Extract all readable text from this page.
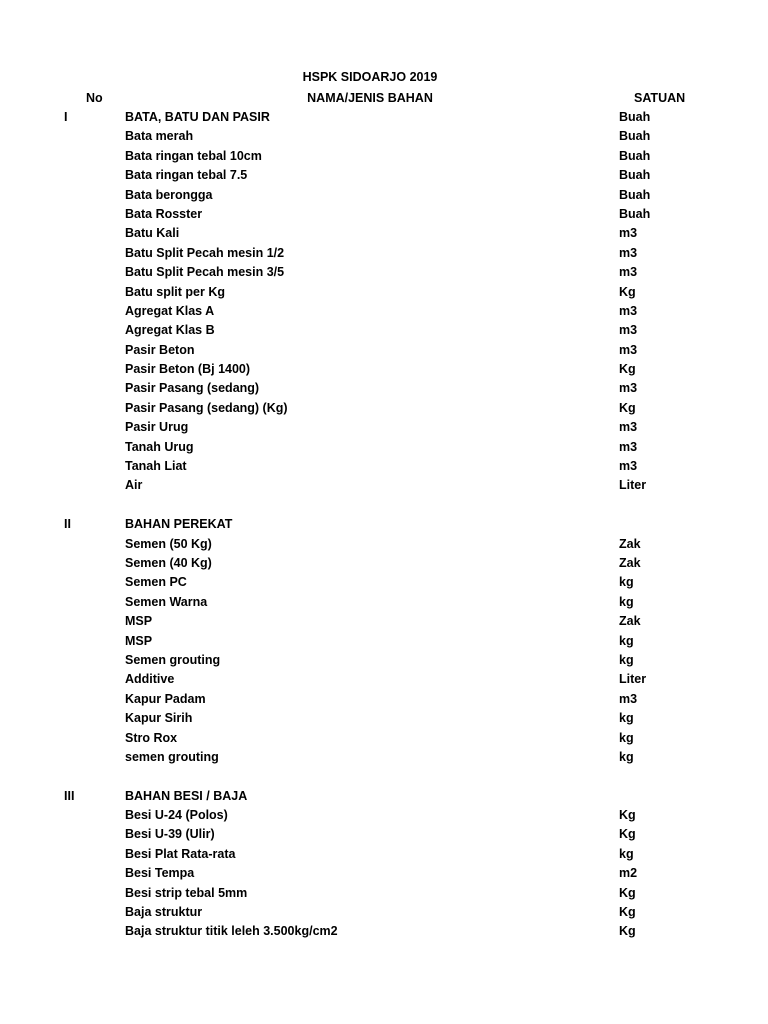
HSPK SIDOARJO 2019
No	NAMA/JENIS BAHAN	SATUAN
I	BATA, BATU DAN PASIR	Buah
Bata merah	Buah
Bata ringan tebal 10cm	Buah
Bata ringan tebal 7.5	Buah
Bata berongga	Buah
Bata Rosster	Buah
Batu Kali	m3
Batu Split Pecah mesin 1/2	m3
Batu Split Pecah mesin 3/5	m3
Batu split per Kg	Kg
Agregat Klas A	m3
Agregat Klas B	m3
Pasir Beton	m3
Pasir Beton (Bj 1400)	Kg
Pasir Pasang (sedang)	m3
Pasir Pasang (sedang) (Kg)	Kg
Pasir Urug	m3
Tanah Urug	m3
Tanah Liat	m3
Air	Liter
II	BAHAN PEREKAT
Semen (50 Kg)	Zak
Semen (40 Kg)	Zak
Semen PC	kg
Semen Warna	kg
MSP	Zak
MSP	kg
Semen grouting	kg
Additive	Liter
Kapur Padam	m3
Kapur Sirih	kg
Stro Rox	kg
semen grouting	kg
III	BAHAN BESI / BAJA
Besi U-24 (Polos)	Kg
Besi U-39 (Ulir)	Kg
Besi Plat Rata-rata	kg
Besi Tempa	m2
Besi strip tebal 5mm	Kg
Baja struktur	Kg
Baja struktur titik leleh 3.500kg/cm2	Kg
